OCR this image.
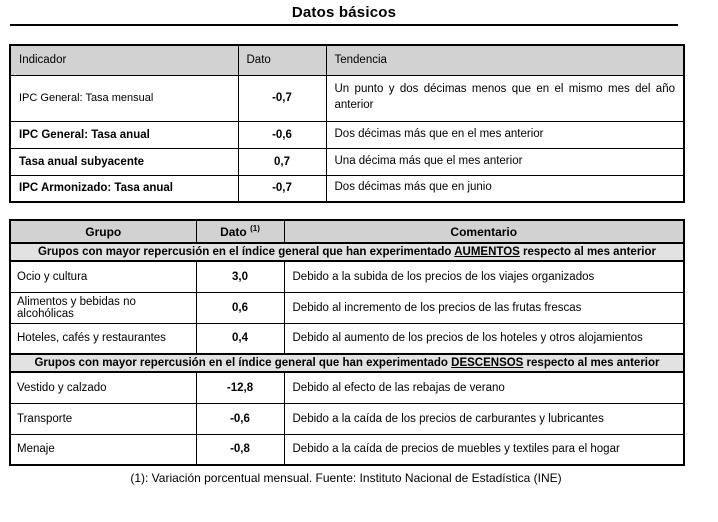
Datos básicos
Indicador	Dato	Tendencia
IPC General: Tasa mensual	-0,7	Un punto y dos décimas menos que en el mismo mes del año anterior
IPC General: Tasa anual	-0,6	Dos décimas más que en el mes anterior
Tasa anual subyacente	0,7	Una décima más que el mes anterior
IPC Armonizado: Tasa anual	-0,7	Dos décimas más que en junio
Grupo	Dato $^{(1)}$	Comentario
Grupos con mayor repercusión en el índice general que han experimentado AUMENTOS respecto al mes anterior		
Ocio y cultura	3,0	Debido a la subida de los precios de los viajes organizados
Alimentos y bebidas no alcohólicas	0,6	Debido al incremento de los precios de las frutas frescas
Hoteles, cafés y restaurantes	0,4	Debido al aumento de los precios de los hoteles y otros alojamientos
Grupos con mayor repercusión en el índice general que han experimentado DESCENSOS respecto al mes anterior		
Vestido y calzado	-12,8	Debido al efecto de las rebajas de verano
Transporte	-0,6	Debido a la caída de los precios de carburantes y lubricantes
Menaje	-0,8	Debido a la caída de precios de muebles y textiles para el hogar
(1): Variación porcentual mensual. Fuente: Instituto Nacional de Estadística (INE)
